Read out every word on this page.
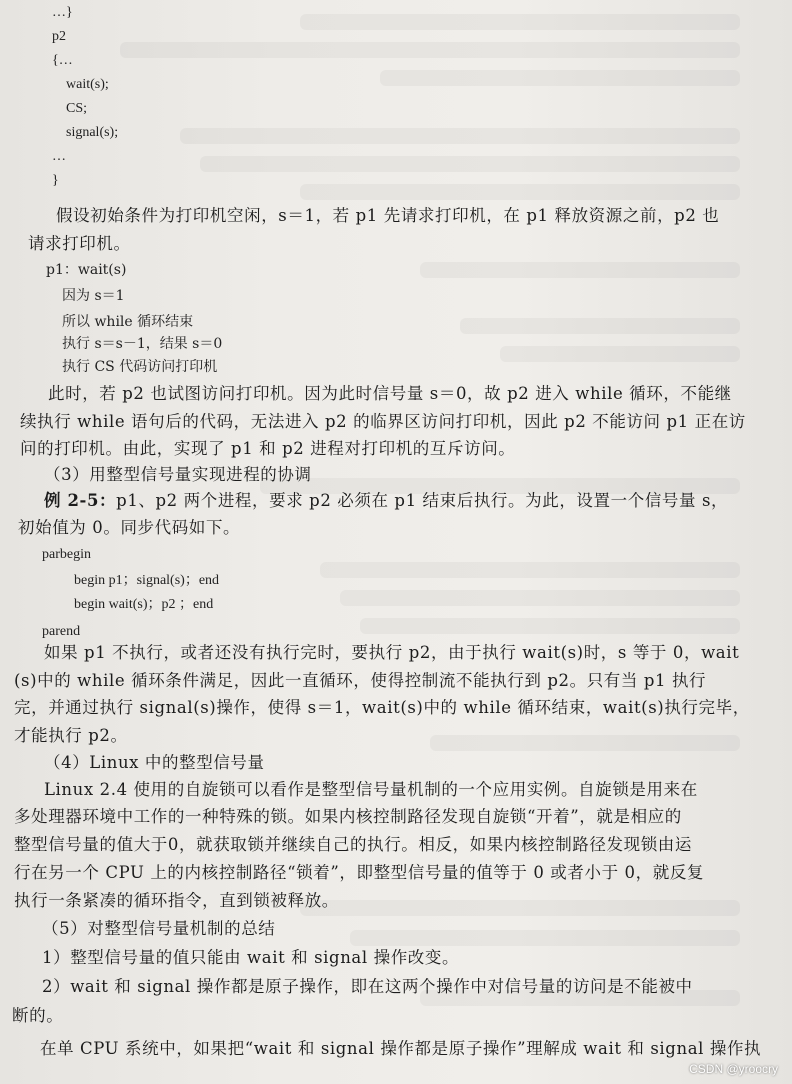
…}
p2
{…
wait(s);
CS;
signal(s);
…
}
假设初始条件为打印机空闲，s＝1，若 p1 先请求打印机，在 p1 释放资源之前，p2 也
请求打印机。
p1：wait(s)
因为 s＝1
所以 while 循环结束
执行 s＝s－1，结果 s＝0
执行 CS 代码访问打印机
此时，若 p2 也试图访问打印机。因为此时信号量 s＝0，故 p2 进入 while 循环，不能继
续执行 while 语句后的代码，无法进入 p2 的临界区访问打印机，因此 p2 不能访问 p1 正在访
问的打印机。由此，实现了 p1 和 p2 进程对打印机的互斥访问。
（3）用整型信号量实现进程的协调
例 2-5：p1、p2 两个进程，要求 p2 必须在 p1 结束后执行。为此，设置一个信号量 s，
初始值为 0。同步代码如下。
parbegin
begin p1；signal(s)；end
begin wait(s)；p2 ；end
parend
如果 p1 不执行，或者还没有执行完时，要执行 p2，由于执行 wait(s)时，s 等于 0，wait
(s)中的 while 循环条件满足，因此一直循环，使得控制流不能执行到 p2。只有当 p1 执行
完，并通过执行 signal(s)操作，使得 s＝1，wait(s)中的 while 循环结束，wait(s)执行完毕，
才能执行 p2。
（4）Linux 中的整型信号量
Linux 2.4 使用的自旋锁可以看作是整型信号量机制的一个应用实例。自旋锁是用来在
多处理器环境中工作的一种特殊的锁。如果内核控制路径发现自旋锁“开着”，就是相应的
整型信号量的值大于0，就获取锁并继续自己的执行。相反，如果内核控制路径发现锁由运
行在另一个 CPU 上的内核控制路径“锁着”，即整型信号量的值等于 0 或者小于 0，就反复
执行一条紧凑的循环指令，直到锁被释放。
（5）对整型信号量机制的总结
1）整型信号量的值只能由 wait 和 signal 操作改变。
2）wait 和 signal 操作都是原子操作，即在这两个操作中对信号量的访问是不能被中
断的。
在单 CPU 系统中，如果把“wait 和 signal 操作都是原子操作”理解成 wait 和 signal 操作执
CSDN @yroocry
